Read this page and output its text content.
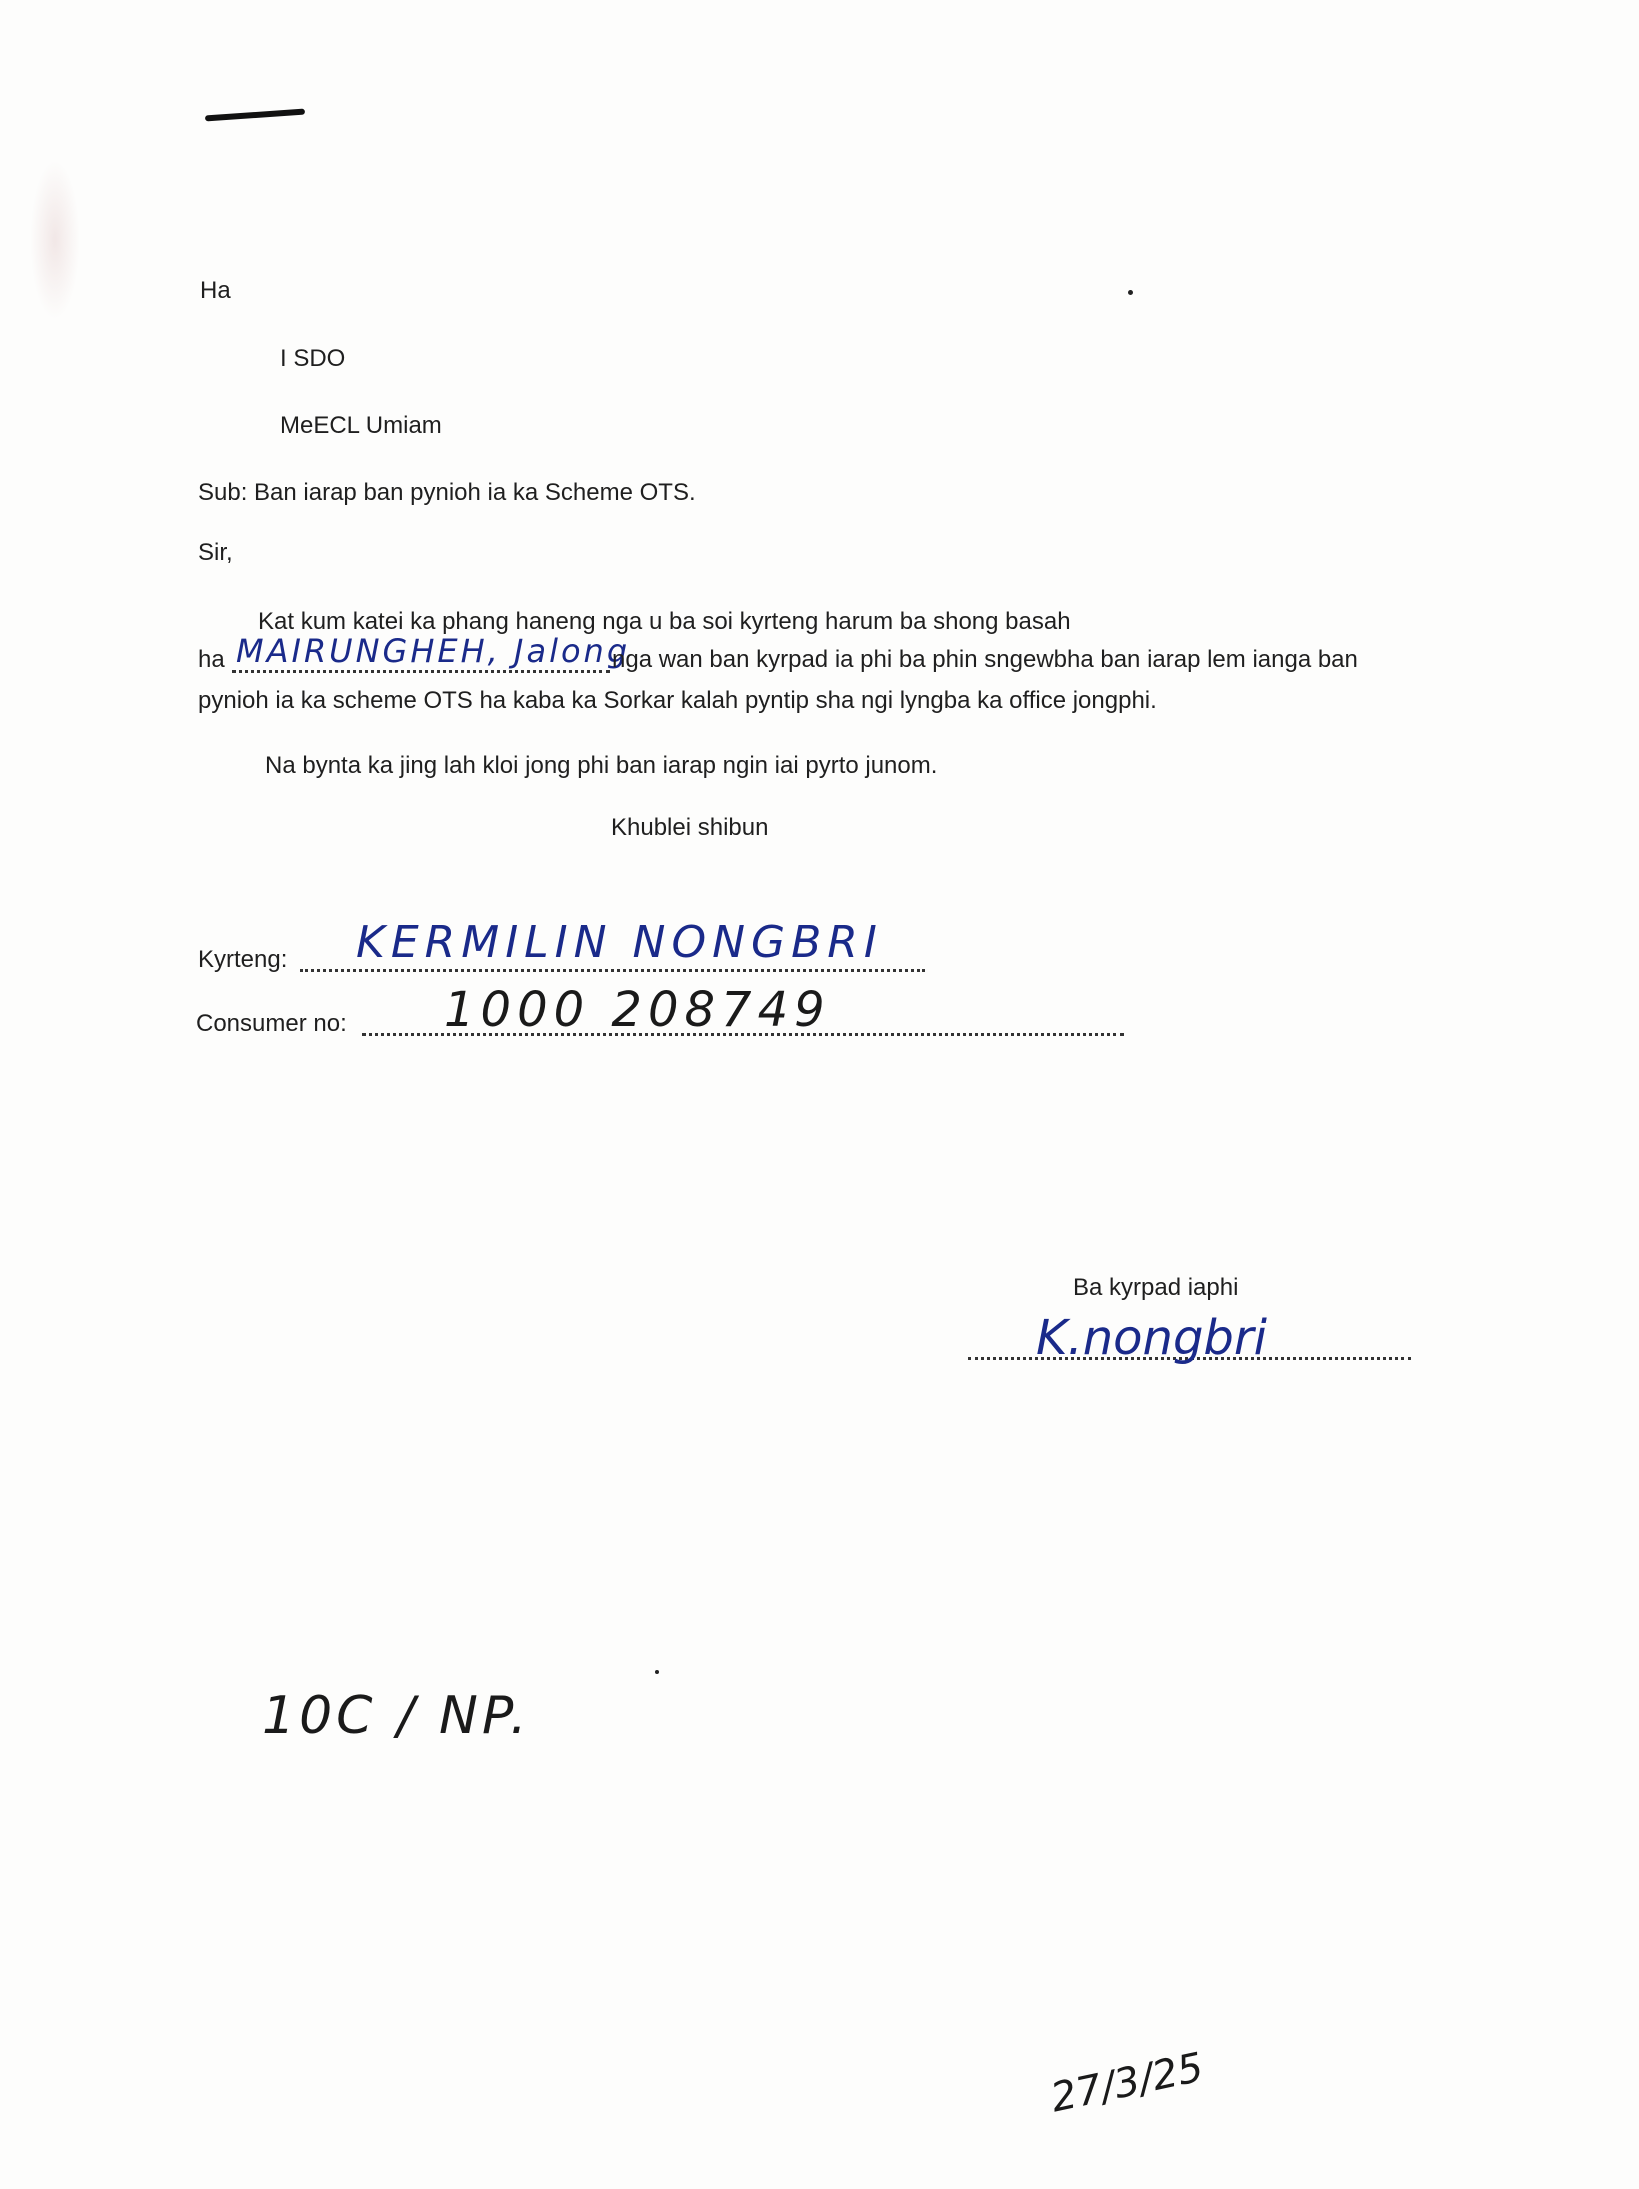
Ha
I SDO
MeECL Umiam
Sub: Ban iarap ban pynioh ia ka Scheme OTS.
Sir,
Kat kum katei ka phang haneng nga u ba soi kyrteng harum ba shong basah
ha MAIRUNGHEH, Jalong
nga wan ban kyrpad ia phi ba phin sngewbha ban iarap lem ianga ban
pynioh ia ka scheme OTS ha kaba ka Sorkar kalah pyntip sha ngi lyngba ka office jongphi.
Na bynta ka jing lah kloi jong phi ban iarap ngin iai pyrto junom.
Khublei shibun
Kyrteng: KERMILIN NONGBRI
Consumer no: 1000 208749
Ba kyrpad iaphi
K.nongbri
10C / NP.
27/3/25
